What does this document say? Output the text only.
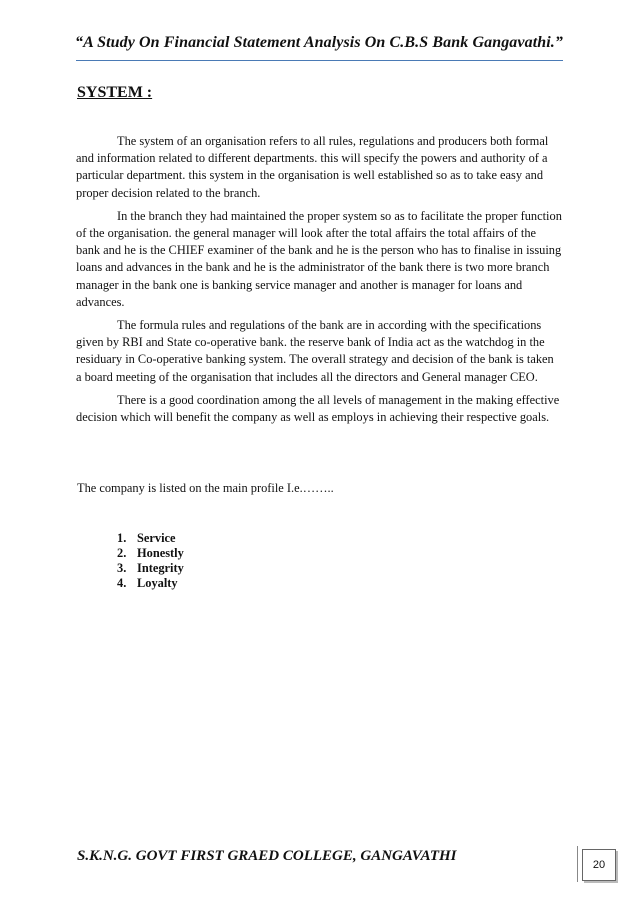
“A Study On Financial Statement Analysis On C.B.S Bank Gangavathi.”
SYSTEM :

The system of an organisation refers to all rules, regulations and producers both formal and information related to different departments. this will specify the powers and authority of a particular department. this system in the organisation is well established so as to take easy and proper decision related to the branch.

In the branch they had maintained the proper system so as to facilitate the proper function of the organisation. the general manager will look after the total affairs the total affairs of the bank and he is the CHIEF examiner of the bank and he is the person who has to finalise in issuing loans and advances in the bank and he is the administrator of the bank there is two more branch manager in the bank one is banking service manager and another is manager for loans and advances.

The formula rules and regulations of the bank are in according with the specifications given by RBI and State co-operative bank. the reserve bank of India act as the watchdog in the residuary in Co-operative banking system. The overall strategy and decision of the bank is taken a board meeting of the organisation that includes all the directors and General manager CEO.

There is a good coordination among the all levels of management in the making effective decision which will benefit the company as well as employs in achieving their respective goals.

The company is listed on the main profile I.e.……..
1. Service
2. Honestly
3. Integrity
4. Loyalty
S.K.N.G. GOVT FIRST GRAED COLLEGE, GANGAVATHI
20
